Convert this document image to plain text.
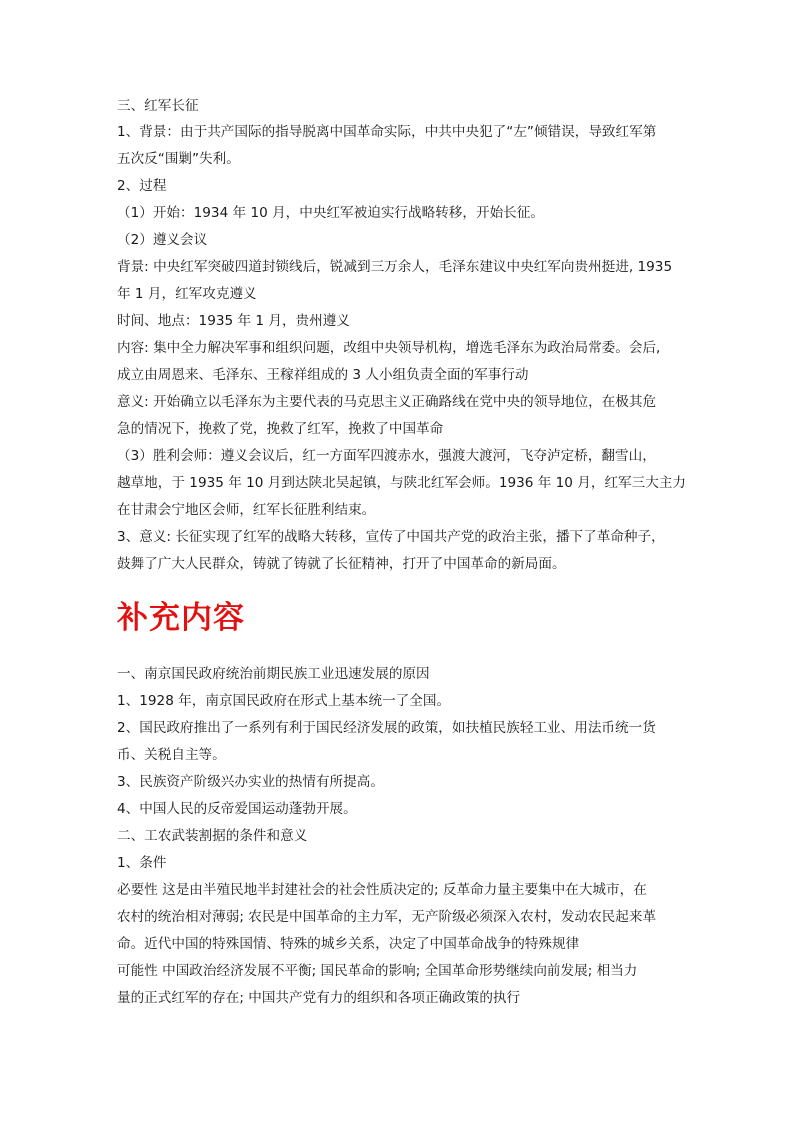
三、红军长征
1、背景：由于共产国际的指导脱离中国革命实际，中共中央犯了“左”倾错误，导致红军第
五次反“围剿”失利。
2、过程
（1）开始：1934 年 10 月，中央红军被迫实行战略转移，开始长征。
（2）遵义会议
背景: 中央红军突破四道封锁线后，锐减到三万余人，毛泽东建议中央红军向贵州挺进, 1935
年 1 月，红军攻克遵义
时间、地点：1935 年 1 月，贵州遵义
内容: 集中全力解决军事和组织问题，改组中央领导机构，增选毛泽东为政治局常委。会后,
成立由周恩来、毛泽东、王稼祥组成的 3 人小组负责全面的军事行动
意义: 开始确立以毛泽东为主要代表的马克思主义正确路线在党中央的领导地位，在极其危
急的情况下，挽救了党，挽救了红军，挽救了中国革命
（3）胜利会师：遵义会议后，红一方面军四渡赤水，强渡大渡河，飞夺泸定桥，翻雪山，
越草地，于 1935 年 10 月到达陕北吴起镇，与陕北红军会师。1936 年 10 月，红军三大主力
在甘肃会宁地区会师，红军长征胜利结束。
3、意义: 长征实现了红军的战略大转移，宣传了中国共产党的政治主张，播下了革命种子，
鼓舞了广大人民群众，铸就了铸就了长征精神，打开了中国革命的新局面。
补充内容
一、南京国民政府统治前期民族工业迅速发展的原因
1、1928 年，南京国民政府在形式上基本统一了全国。
2、国民政府推出了一系列有利于国民经济发展的政策，如扶植民族轻工业、用法币统一货
币、关税自主等。
3、民族资产阶级兴办实业的热情有所提高。
4、中国人民的反帝爱国运动蓬勃开展。
二、工农武装割据的条件和意义
1、条件
必要性 这是由半殖民地半封建社会的社会性质决定的; 反革命力量主要集中在大城市，在
农村的统治相对薄弱; 农民是中国革命的主力军，无产阶级必须深入农村，发动农民起来革
命。近代中国的特殊国情、特殊的城乡关系，决定了中国革命战争的特殊规律
可能性 中国政治经济发展不平衡; 国民革命的影响; 全国革命形势继续向前发展; 相当力
量的正式红军的存在; 中国共产党有力的组织和各项正确政策的执行
